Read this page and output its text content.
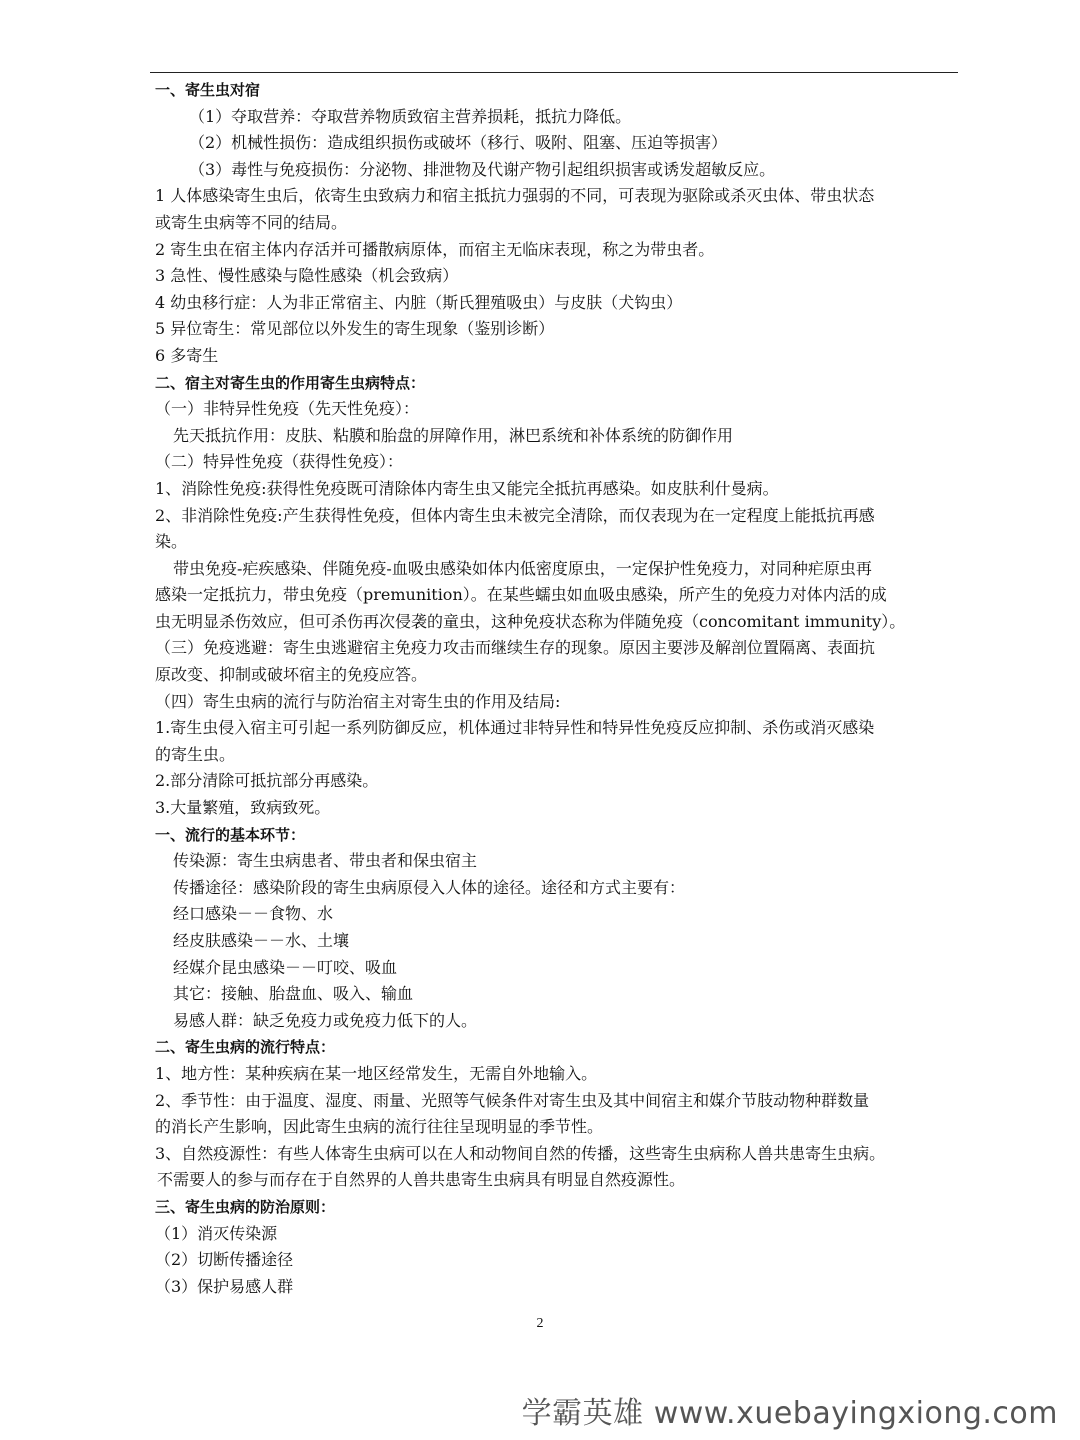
一、寄生虫对宿

（1）夺取营养：夺取营养物质致宿主营养损耗，抵抗力降低。

（2）机械性损伤：造成组织损伤或破坏（移行、吸附、阻塞、压迫等损害）

（3）毒性与免疫损伤：分泌物、排泄物及代谢产物引起组织损害或诱发超敏反应。

1 人体感染寄生虫后，依寄生虫致病力和宿主抵抗力强弱的不同，可表现为驱除或杀灭虫体、带虫状态

或寄生虫病等不同的结局。

2 寄生虫在宿主体内存活并可播散病原体，而宿主无临床表现，称之为带虫者。

3 急性、慢性感染与隐性感染（机会致病）

4 幼虫移行症：人为非正常宿主、内脏（斯氏狸殖吸虫）与皮肤（犬钩虫）

5 异位寄生：常见部位以外发生的寄生现象（鉴别诊断）

6 多寄生

二、宿主对寄生虫的作用寄生虫病特点：

（一）非特异性免疫（先天性免疫）：

先天抵抗作用：皮肤、粘膜和胎盘的屏障作用，淋巴系统和补体系统的防御作用

（二）特异性免疫（获得性免疫）：

1、消除性免疫:获得性免疫既可清除体内寄生虫又能完全抵抗再感染。如皮肤利什曼病。

2、非消除性免疫:产生获得性免疫，但体内寄生虫未被完全清除，而仅表现为在一定程度上能抵抗再感

染。

带虫免疫-疟疾感染、伴随免疫-血吸虫感染如体内低密度原虫，一定保护性免疫力，对同种疟原虫再

感染一定抵抗力，带虫免疫（premunition）。在某些蠕虫如血吸虫感染，所产生的免疫力对体内活的成

虫无明显杀伤效应，但可杀伤再次侵袭的童虫，这种免疫状态称为伴随免疫（concomitant immunity）。

（三）免疫逃避：寄生虫逃避宿主免疫力攻击而继续生存的现象。原因主要涉及解剖位置隔离、表面抗

原改变、抑制或破坏宿主的免疫应答。

（四）寄生虫病的流行与防治宿主对寄生虫的作用及结局:

1.寄生虫侵入宿主可引起一系列防御反应，机体通过非特异性和特异性免疫反应抑制、杀伤或消灭感染

的寄生虫。

2.部分清除可抵抗部分再感染。

3.大量繁殖，致病致死。

一、流行的基本环节：

传染源：寄生虫病患者、带虫者和保虫宿主

传播途径：感染阶段的寄生虫病原侵入人体的途径。途径和方式主要有：

经口感染－－食物、水

经皮肤感染－－水、土壤

经媒介昆虫感染－－叮咬、吸血

其它：接触、胎盘血、吸入、输血

易感人群：缺乏免疫力或免疫力低下的人。

二、寄生虫病的流行特点：

1、地方性：某种疾病在某一地区经常发生，无需自外地输入。

2、季节性：由于温度、湿度、雨量、光照等气候条件对寄生虫及其中间宿主和媒介节肢动物种群数量

的消长产生影响，因此寄生虫病的流行往往呈现明显的季节性。

3、自然疫源性：有些人体寄生虫病可以在人和动物间自然的传播，这些寄生虫病称人兽共患寄生虫病。

不需要人的参与而存在于自然界的人兽共患寄生虫病具有明显自然疫源性。

三、寄生虫病的防治原则：

（1）消灭传染源

（2）切断传播途径

（3）保护易感人群

2
学霸英雄 www.xuebayingxiong.com
